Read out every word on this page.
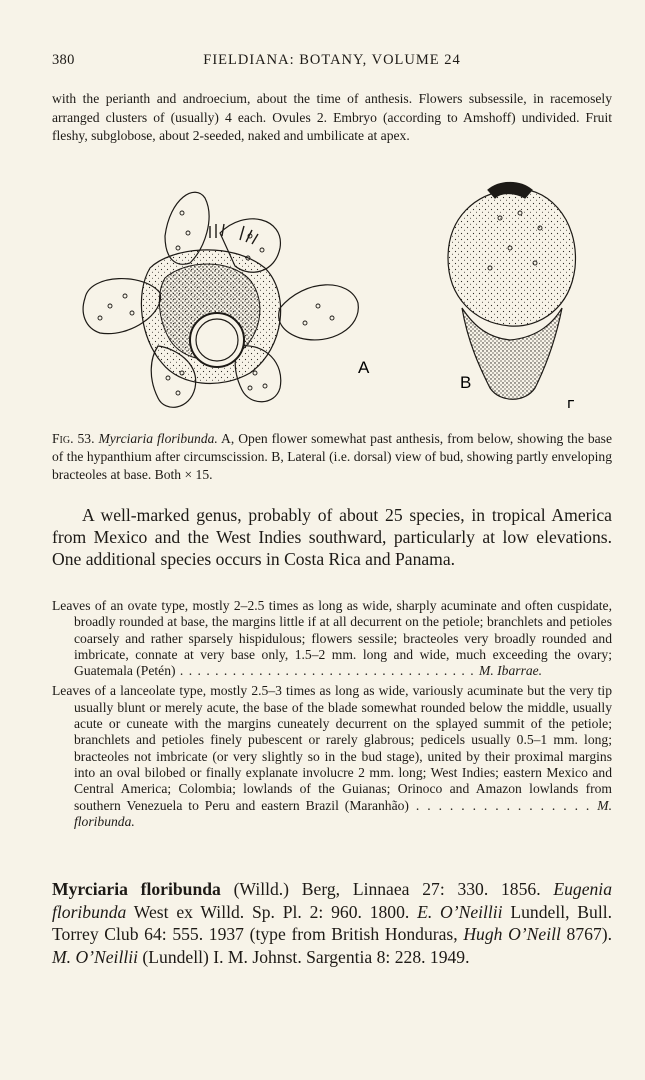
380	FIELDIANA: BOTANY, VOLUME 24
with the perianth and androecium, about the time of anthesis. Flowers subsessile, in racemosely arranged clusters of (usually) 4 each. Ovules 2. Embryo (according to Amshoff) undivided. Fruit fleshy, subglobose, about 2-seeded, naked and umbilicate at apex.
A
B
ᴦ
Fig. 53. Myrciaria floribunda. A, Open flower somewhat past anthesis, from below, showing the base of the hypanthium after circumscission. B, Lateral (i.e. dorsal) view of bud, showing partly enveloping bracteoles at base. Both × 15.
A well-marked genus, probably of about 25 species, in tropical America from Mexico and the West Indies southward, particularly at low elevations. One additional species occurs in Costa Rica and Panama.
Leaves of an ovate type, mostly 2–2.5 times as long as wide, sharply acuminate and often cuspidate, broadly rounded at base, the margins little if at all decurrent on the petiole; branchlets and petioles coarsely and rather sparsely hispidulous; flowers sessile; bracteoles very broadly rounded and imbricate, connate at very base only, 1.5–2 mm. long and wide, much exceeding the ovary; Guatemala (Petén) . . . . . . . . . . . . . . . . . . . . . . . . . . . . . . . . . . M. Ibarrae.
Leaves of a lanceolate type, mostly 2.5–3 times as long as wide, variously acuminate but the very tip usually blunt or merely acute, the base of the blade somewhat rounded below the middle, usually acute or cuneate with the margins cuneately decurrent on the splayed summit of the petiole; branchlets and petioles finely pubescent or rarely glabrous; pedicels usually 0.5–1 mm. long; bracteoles not imbricate (or very slightly so in the bud stage), united by their proximal margins into an oval bilobed or finally explanate involucre 2 mm. long; West Indies; eastern Mexico and Central America; Colombia; lowlands of the Guianas; Orinoco and Amazon lowlands from southern Venezuela to Peru and eastern Brazil (Maranhão) . . . . . . . . . . . . . . . . M. floribunda.
Myrciaria floribunda (Willd.) Berg, Linnaea 27: 330. 1856. Eugenia floribunda West ex Willd. Sp. Pl. 2: 960. 1800. E. O’Neillii Lundell, Bull. Torrey Club 64: 555. 1937 (type from British Honduras, Hugh O’Neill 8767). M. O’Neillii (Lundell) I. M. Johnst. Sargentia 8: 228. 1949.
